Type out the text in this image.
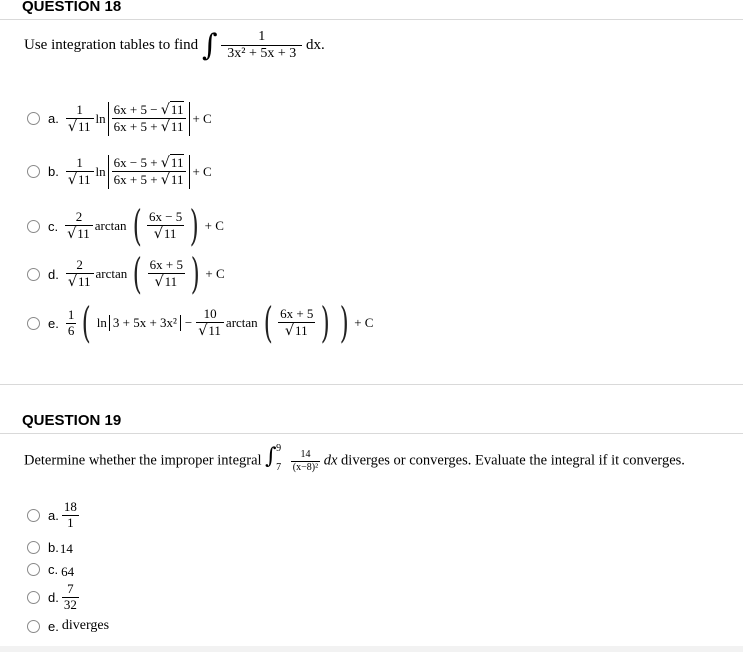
QUESTION 18
Use integration tables to find ∫ $\frac{1}{\text{3x² + 5x + 3}}$ dx.
a. $\frac{1}{√11}$ $\ln \frac{6x + 5 - √11}{6x + 5 + √11} + C$
b. $\frac{1}{√11}$ $\ln \frac{6x - 5 + √11}{6x + 5 + √11} + C$
c. $\frac{2}{√11}$ arctan ( $\frac{6x - 5}{√11}$ ) + C
d. $\frac{2}{√11}$ arctan ( $\frac{6x + 5}{√11}$ ) + C
e. $\frac{1}{6}$ ( $\ln 3 + 5x + 3x^2 - \frac{10}{√11}$ arctan ( $\frac{6x + 5}{√11}$ ) ) + C
QUESTION 19
Determine whether the improper integral ∫ 9
7
$\frac{14}{\text{(x−8)²}}$ dx diverges or converges. Evaluate the integral if it converges.
a. $\frac{18}{1}$
b. 14
c. 64
d. $\frac{7}{32}$
e. diverges
